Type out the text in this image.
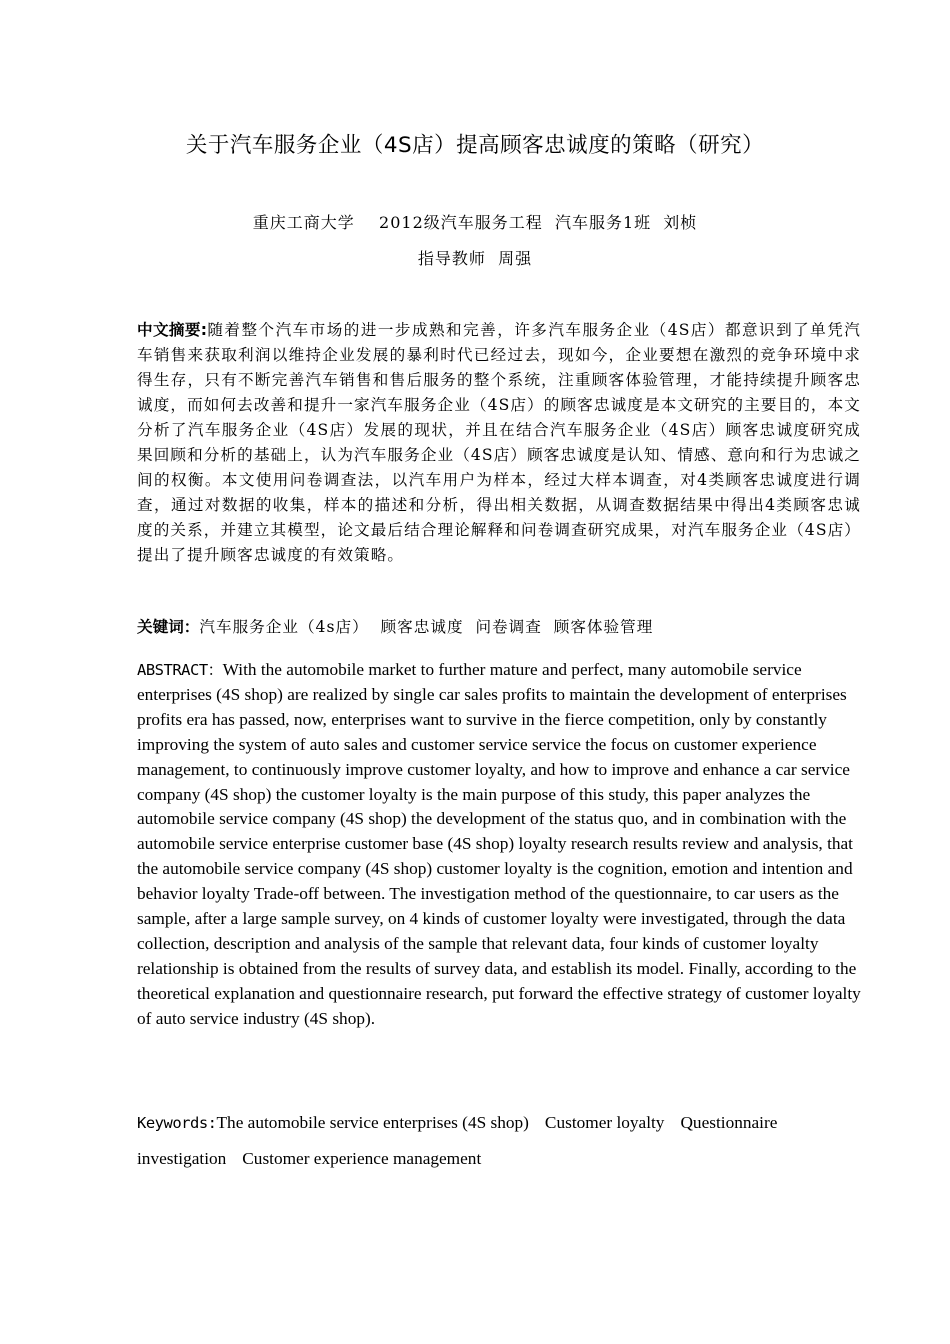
关于汽车服务企业（4S店）提高顾客忠诚度的策略（研究）
重庆工商大学    2012级汽车服务工程  汽车服务1班  刘桢
指导教师  周强
中文摘要:随着整个汽车市场的进一步成熟和完善，许多汽车服务企业（4S店）都意识到了单凭汽车销售来获取利润以维持企业发展的暴利时代已经过去，现如今，企业要想在激烈的竞争环境中求得生存，只有不断完善汽车销售和售后服务的整个系统，注重顾客体验管理，才能持续提升顾客忠诚度，而如何去改善和提升一家汽车服务企业（4S店）的顾客忠诚度是本文研究的主要目的，本文分析了汽车服务企业（4S店）发展的现状，并且在结合汽车服务企业（4S店）顾客忠诚度研究成果回顾和分析的基础上，认为汽车服务企业（4S店）顾客忠诚度是认知、情感、意向和行为忠诚之间的权衡。本文使用问卷调查法，以汽车用户为样本，经过大样本调查，对4类顾客忠诚度进行调查，通过对数据的收集，样本的描述和分析，得出相关数据，从调查数据结果中得出4类顾客忠诚度的关系，并建立其模型，论文最后结合理论解释和问卷调查研究成果，对汽车服务企业（4S店）提出了提升顾客忠诚度的有效策略。
关键词：汽车服务企业（4s店）  顾客忠诚度  问卷调查  顾客体验管理
ABSTRACT：With the automobile market to further mature and perfect, many automobile service enterprises (4S shop) are realized by single car sales profits to maintain the development of enterprises profits era has passed, now, enterprises want to survive in the fierce competition, only by constantly improving the system of auto sales and customer service service the focus on customer experience management, to continuously improve customer loyalty, and how to improve and enhance a car service company (4S shop) the customer loyalty is the main purpose of this study, this paper analyzes the automobile service company (4S shop) the development of the status quo, and in combination with the automobile service enterprise customer base (4S shop) loyalty research results review and analysis, that the automobile service company (4S shop) customer loyalty is the cognition, emotion and intention and behavior loyalty Trade-off between. The investigation method of the questionnaire, to car users as the sample, after a large sample survey, on 4 kinds of customer loyalty were investigated, through the data collection, description and analysis of the sample that relevant data, four kinds of customer loyalty relationship is obtained from the results of survey data, and establish its model. Finally, according to the theoretical explanation and questionnaire research, put forward the effective strategy of customer loyalty of auto service industry (4S shop).
Keywords:The automobile service enterprises (4S shop) Customer loyalty Questionnaire investigation Customer experience management
